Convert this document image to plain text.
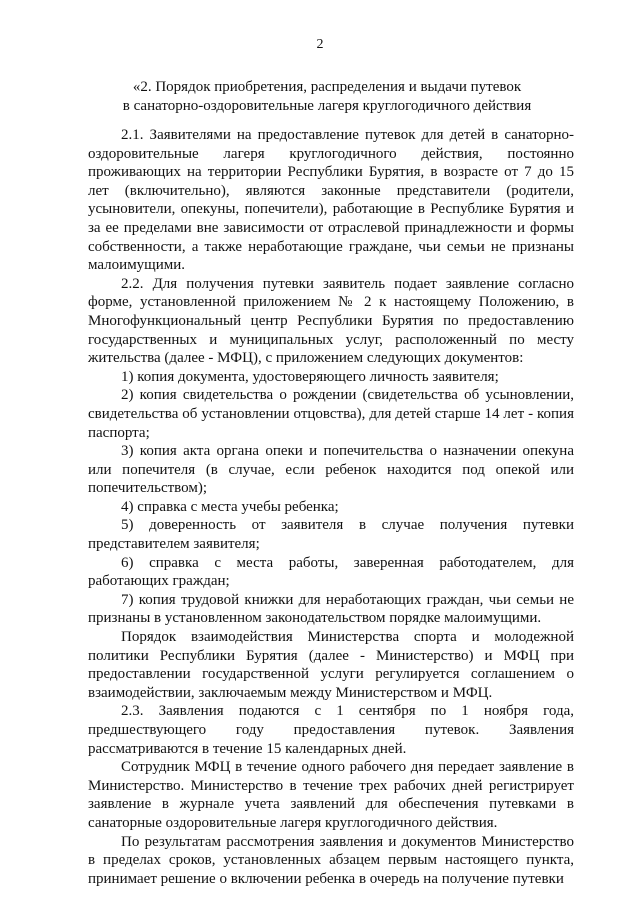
2
«2. Порядок приобретения, распределения и выдачи путевок
в санаторно-оздоровительные лагеря круглогодичного действия

2.1. Заявителями на предоставление путевок для детей в санаторно-оздоровительные лагеря круглогодичного действия, постоянно проживающих на территории Республики Бурятия, в возрасте от 7 до 15 лет (включительно), являются законные представители (родители, усыновители, опекуны, попечители), работающие в Республике Бурятия и за ее пределами вне зависимости от отраслевой принадлежности и формы собственности, а также неработающие граждане, чьи семьи не признаны малоимущими.

2.2. Для получения путевки заявитель подает заявление согласно форме, установленной приложением № 2 к настоящему Положению, в Многофункциональный центр Республики Бурятия по предоставлению государственных и муниципальных услуг, расположенный по месту жительства (далее - МФЦ), с приложением следующих документов:

1) копия документа, удостоверяющего личность заявителя;

2) копия свидетельства о рождении (свидетельства об усыновлении, свидетельства об установлении отцовства), для детей старше 14 лет - копия паспорта;

3) копия акта органа опеки и попечительства о назначении опекуна или попечителя (в случае, если ребенок находится под опекой или попечительством);

4) справка с места учебы ребенка;

5) доверенность от заявителя в случае получения путевки представителем заявителя;

6) справка с места работы, заверенная работодателем, для работающих граждан;

7) копия трудовой книжки для неработающих граждан, чьи семьи не признаны в установленном законодательством порядке малоимущими.

Порядок взаимодействия Министерства спорта и молодежной политики Республики Бурятия (далее - Министерство) и МФЦ при предоставлении государственной услуги регулируется соглашением о взаимодействии, заключаемым между Министерством и МФЦ.

2.3. Заявления подаются с 1 сентября по 1 ноября года, предшествующего году предоставления путевок. Заявления рассматриваются в течение 15 календарных дней.

Сотрудник МФЦ в течение одного рабочего дня передает заявление в Министерство. Министерство в течение трех рабочих дней регистрирует заявление в журнале учета заявлений для обеспечения путевками в санаторные оздоровительные лагеря круглогодичного действия.

По результатам рассмотрения заявления и документов Министерство в пределах сроков, установленных абзацем первым настоящего пункта, принимает решение о включении ребенка в очередь на получение путевки
